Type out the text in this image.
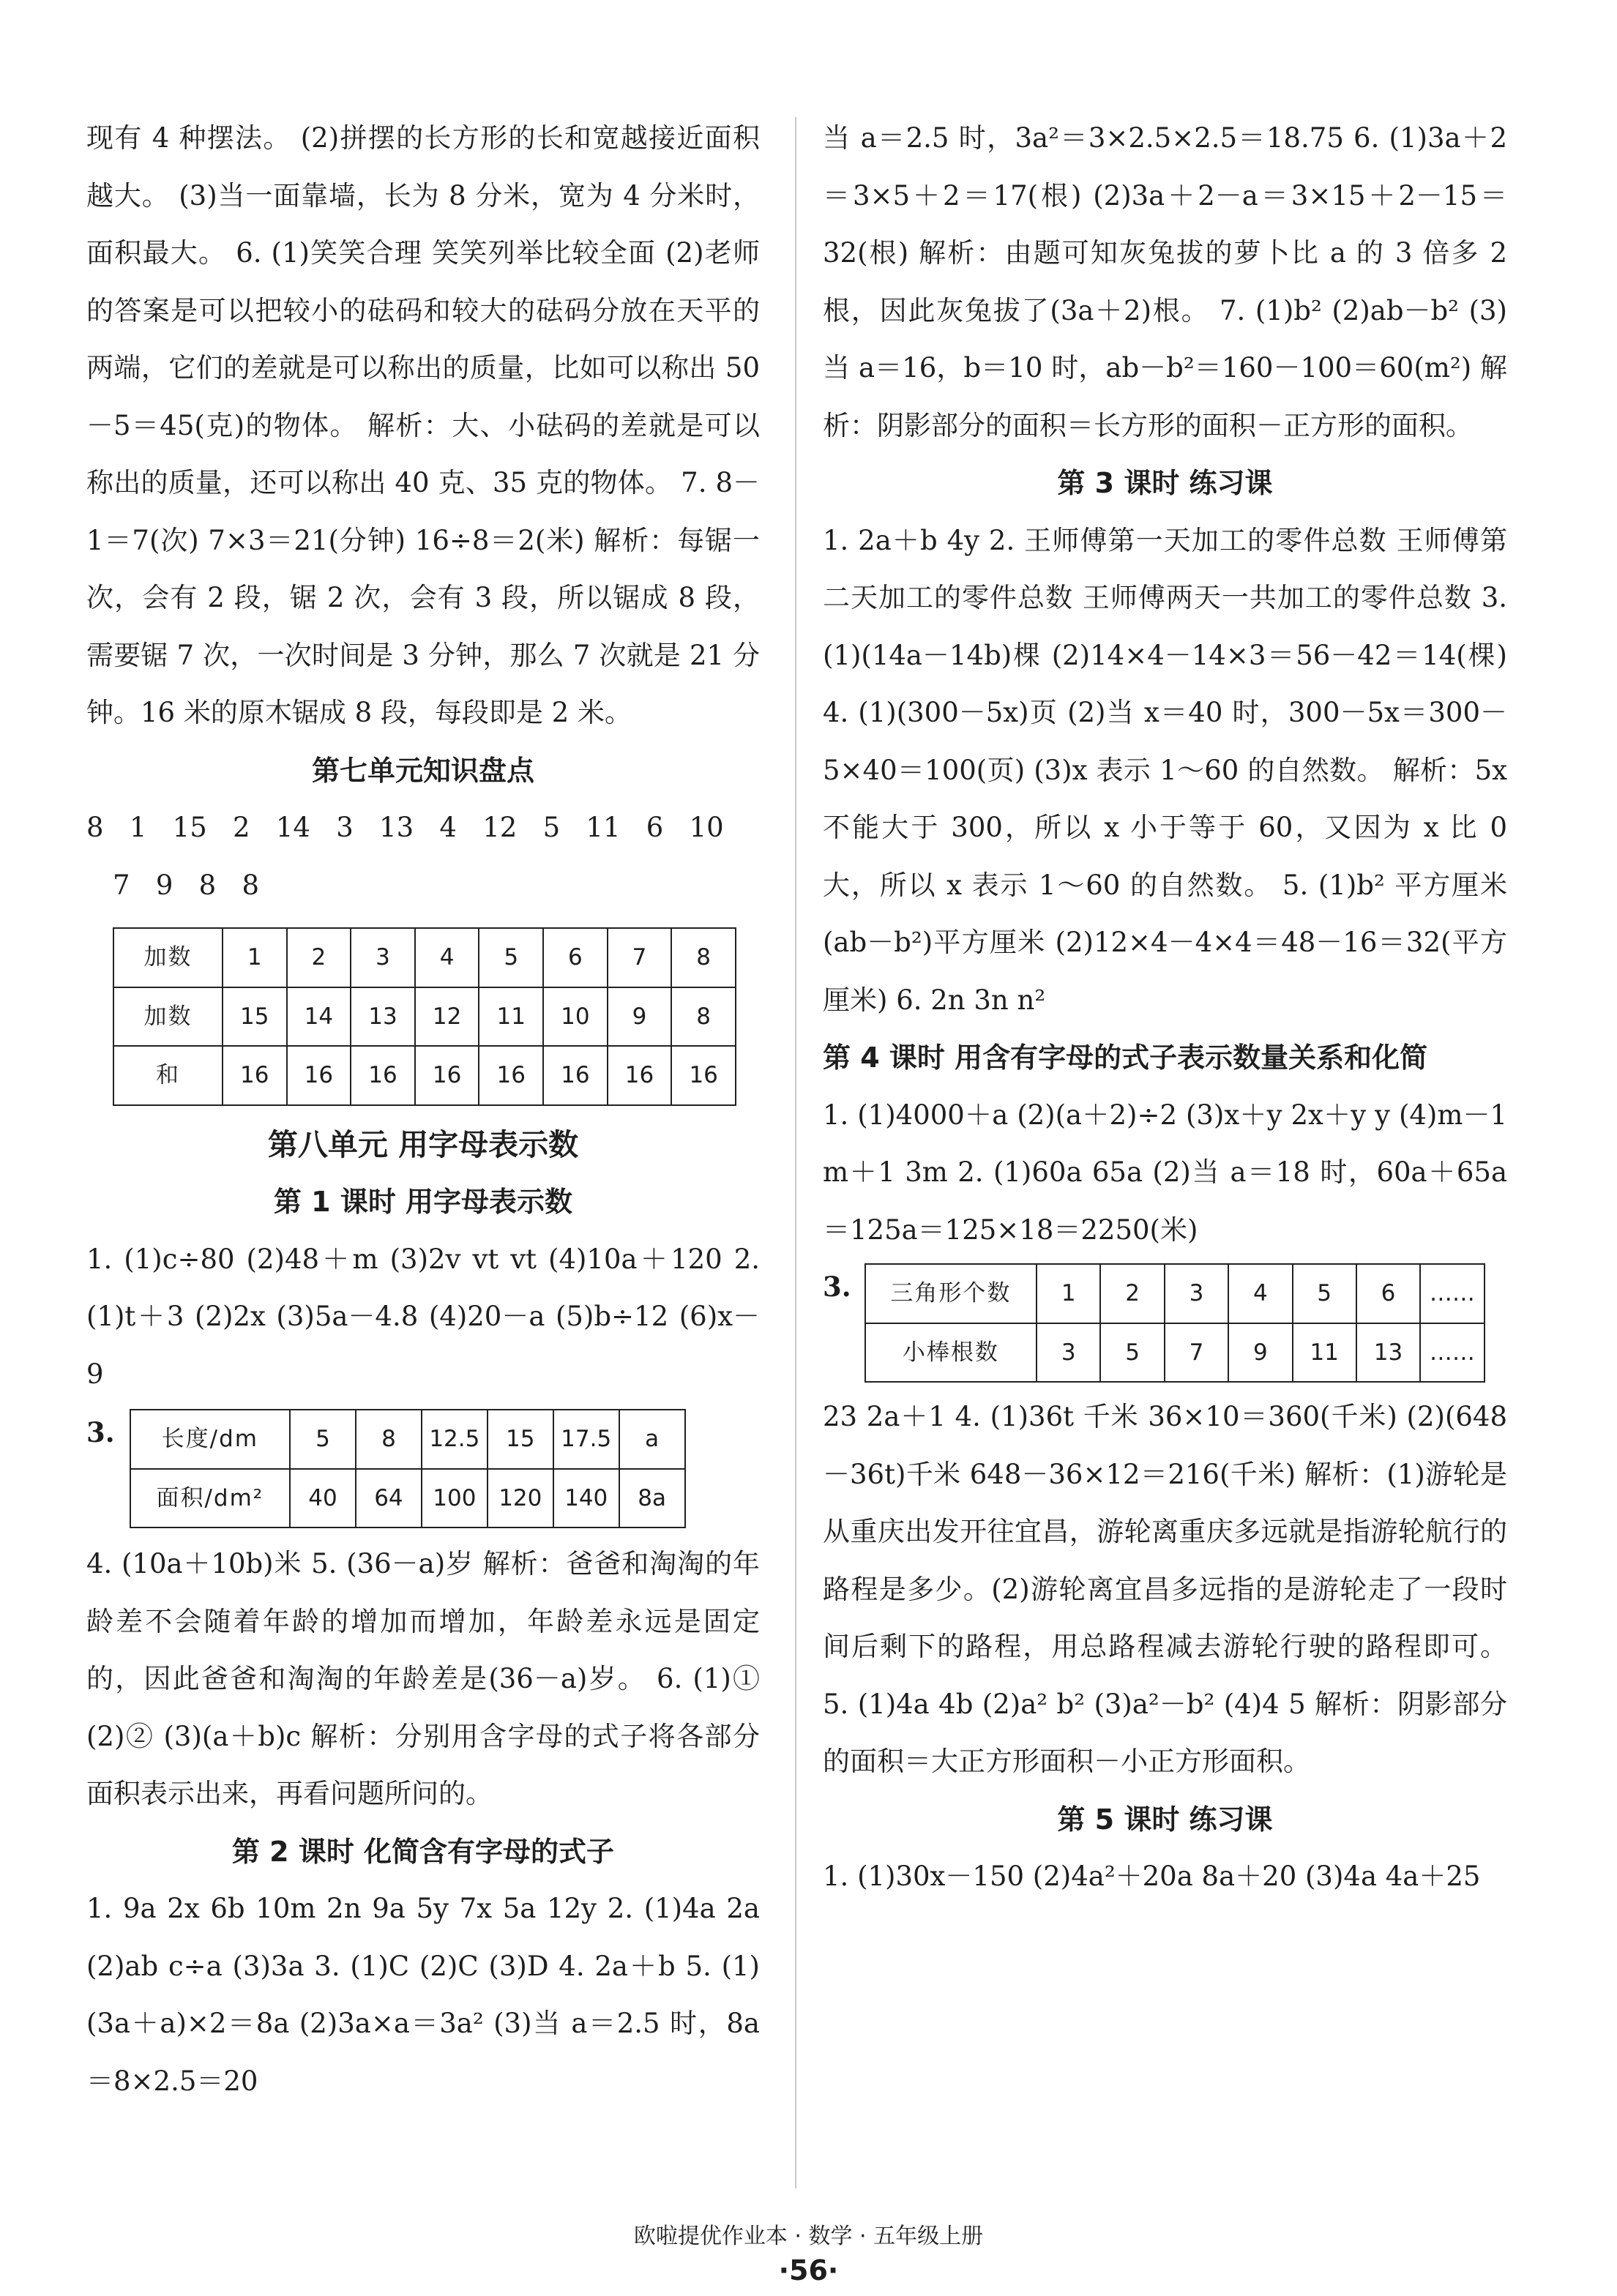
现有 4 种摆法。 (2)拼摆的长方形的长和宽越接近面积越大。 (3)当一面靠墙，长为 8 分米，宽为 4 分米时，面积最大。 6. (1)笑笑合理 笑笑列举比较全面 (2)老师的答案是可以把较小的砝码和较大的砝码分放在天平的两端，它们的差就是可以称出的质量，比如可以称出 50－5＝45(克)的物体。 解析：大、小砝码的差就是可以称出的质量，还可以称出 40 克、35 克的物体。 7. 8－1＝7(次) 7×3＝21(分钟) 16÷8＝2(米) 解析：每锯一次，会有 2 段，锯 2 次，会有 3 段，所以锯成 8 段，需要锯 7 次，一次时间是 3 分钟，那么 7 次就是 21 分钟。16 米的原木锯成 8 段，每段即是 2 米。

第七单元知识盘点

8   1   15   2   14   3   13   4   12   5   11   6   10

7   9   8   8

加数	1	2	3	4	5	6	7	8
加数	15	14	13	12	11	10	9	8
和	16	16	16	16	16	16	16	16

第八单元 用字母表示数

第 1 课时 用字母表示数

1. (1)c÷80 (2)48＋m (3)2v vt vt (4)10a＋120 2. (1)t＋3 (2)2x (3)5a－4.8 (4)20－a (5)b÷12 (6)x－9

3. 长度/dm	5	8	12.5	15	17.5	a
面积/dm²	40	64	100	120	140	8a

4. (10a＋10b)米 5. (36－a)岁 解析：爸爸和淘淘的年龄差不会随着年龄的增加而增加，年龄差永远是固定的，因此爸爸和淘淘的年龄差是(36－a)岁。 6. (1)① (2)② (3)(a＋b)c 解析：分别用含字母的式子将各部分面积表示出来，再看问题所问的。

第 2 课时 化简含有字母的式子

1. 9a 2x 6b 10m 2n 9a 5y 7x 5a 12y 2. (1)4a 2a (2)ab c÷a (3)3a 3. (1)C (2)C (3)D 4. 2a＋b 5. (1)(3a＋a)×2＝8a (2)3a×a＝3a² (3)当 a＝2.5 时，8a＝8×2.5＝20

当 a＝2.5 时，3a²＝3×2.5×2.5＝18.75 6. (1)3a＋2＝3×5＋2＝17(根) (2)3a＋2－a＝3×15＋2－15＝32(根) 解析：由题可知灰兔拔的萝卜比 a 的 3 倍多 2 根，因此灰兔拔了(3a＋2)根。 7. (1)b² (2)ab－b² (3)当 a＝16，b＝10 时，ab－b²＝160－100＝60(m²) 解析：阴影部分的面积＝长方形的面积－正方形的面积。

第 3 课时 练习课

1. 2a＋b 4y 2. 王师傅第一天加工的零件总数 王师傅第二天加工的零件总数 王师傅两天一共加工的零件总数 3. (1)(14a－14b)棵 (2)14×4－14×3＝56－42＝14(棵) 4. (1)(300－5x)页 (2)当 x＝40 时，300－5x＝300－5×40＝100(页) (3)x 表示 1～60 的自然数。 解析：5x 不能大于 300，所以 x 小于等于 60，又因为 x 比 0 大，所以 x 表示 1～60 的自然数。 5. (1)b² 平方厘米 (ab－b²)平方厘米 (2)12×4－4×4＝48－16＝32(平方厘米) 6. 2n 3n n²

第 4 课时 用含有字母的式子表示数量关系和化简

1. (1)4000＋a (2)(a＋2)÷2 (3)x＋y 2x＋y y (4)m－1 m＋1 3m 2. (1)60a 65a (2)当 a＝18 时，60a＋65a＝125a＝125×18＝2250(米)

3. 三角形个数	1	2	3	4	5	6	……
小棒根数	3	5	7	9	11	13	……

23 2a＋1 4. (1)36t 千米 36×10＝360(千米) (2)(648－36t)千米 648－36×12＝216(千米) 解析：(1)游轮是从重庆出发开往宜昌，游轮离重庆多远就是指游轮航行的路程是多少。(2)游轮离宜昌多远指的是游轮走了一段时间后剩下的路程，用总路程减去游轮行驶的路程即可。 5. (1)4a 4b (2)a² b² (3)a²－b² (4)4 5 解析：阴影部分的面积＝大正方形面积－小正方形面积。

第 5 课时 练习课

1. (1)30x－150 (2)4a²＋20a 8a＋20 (3)4a 4a＋25

欧啦提优作业本 · 数学 · 五年级上册
·56·
